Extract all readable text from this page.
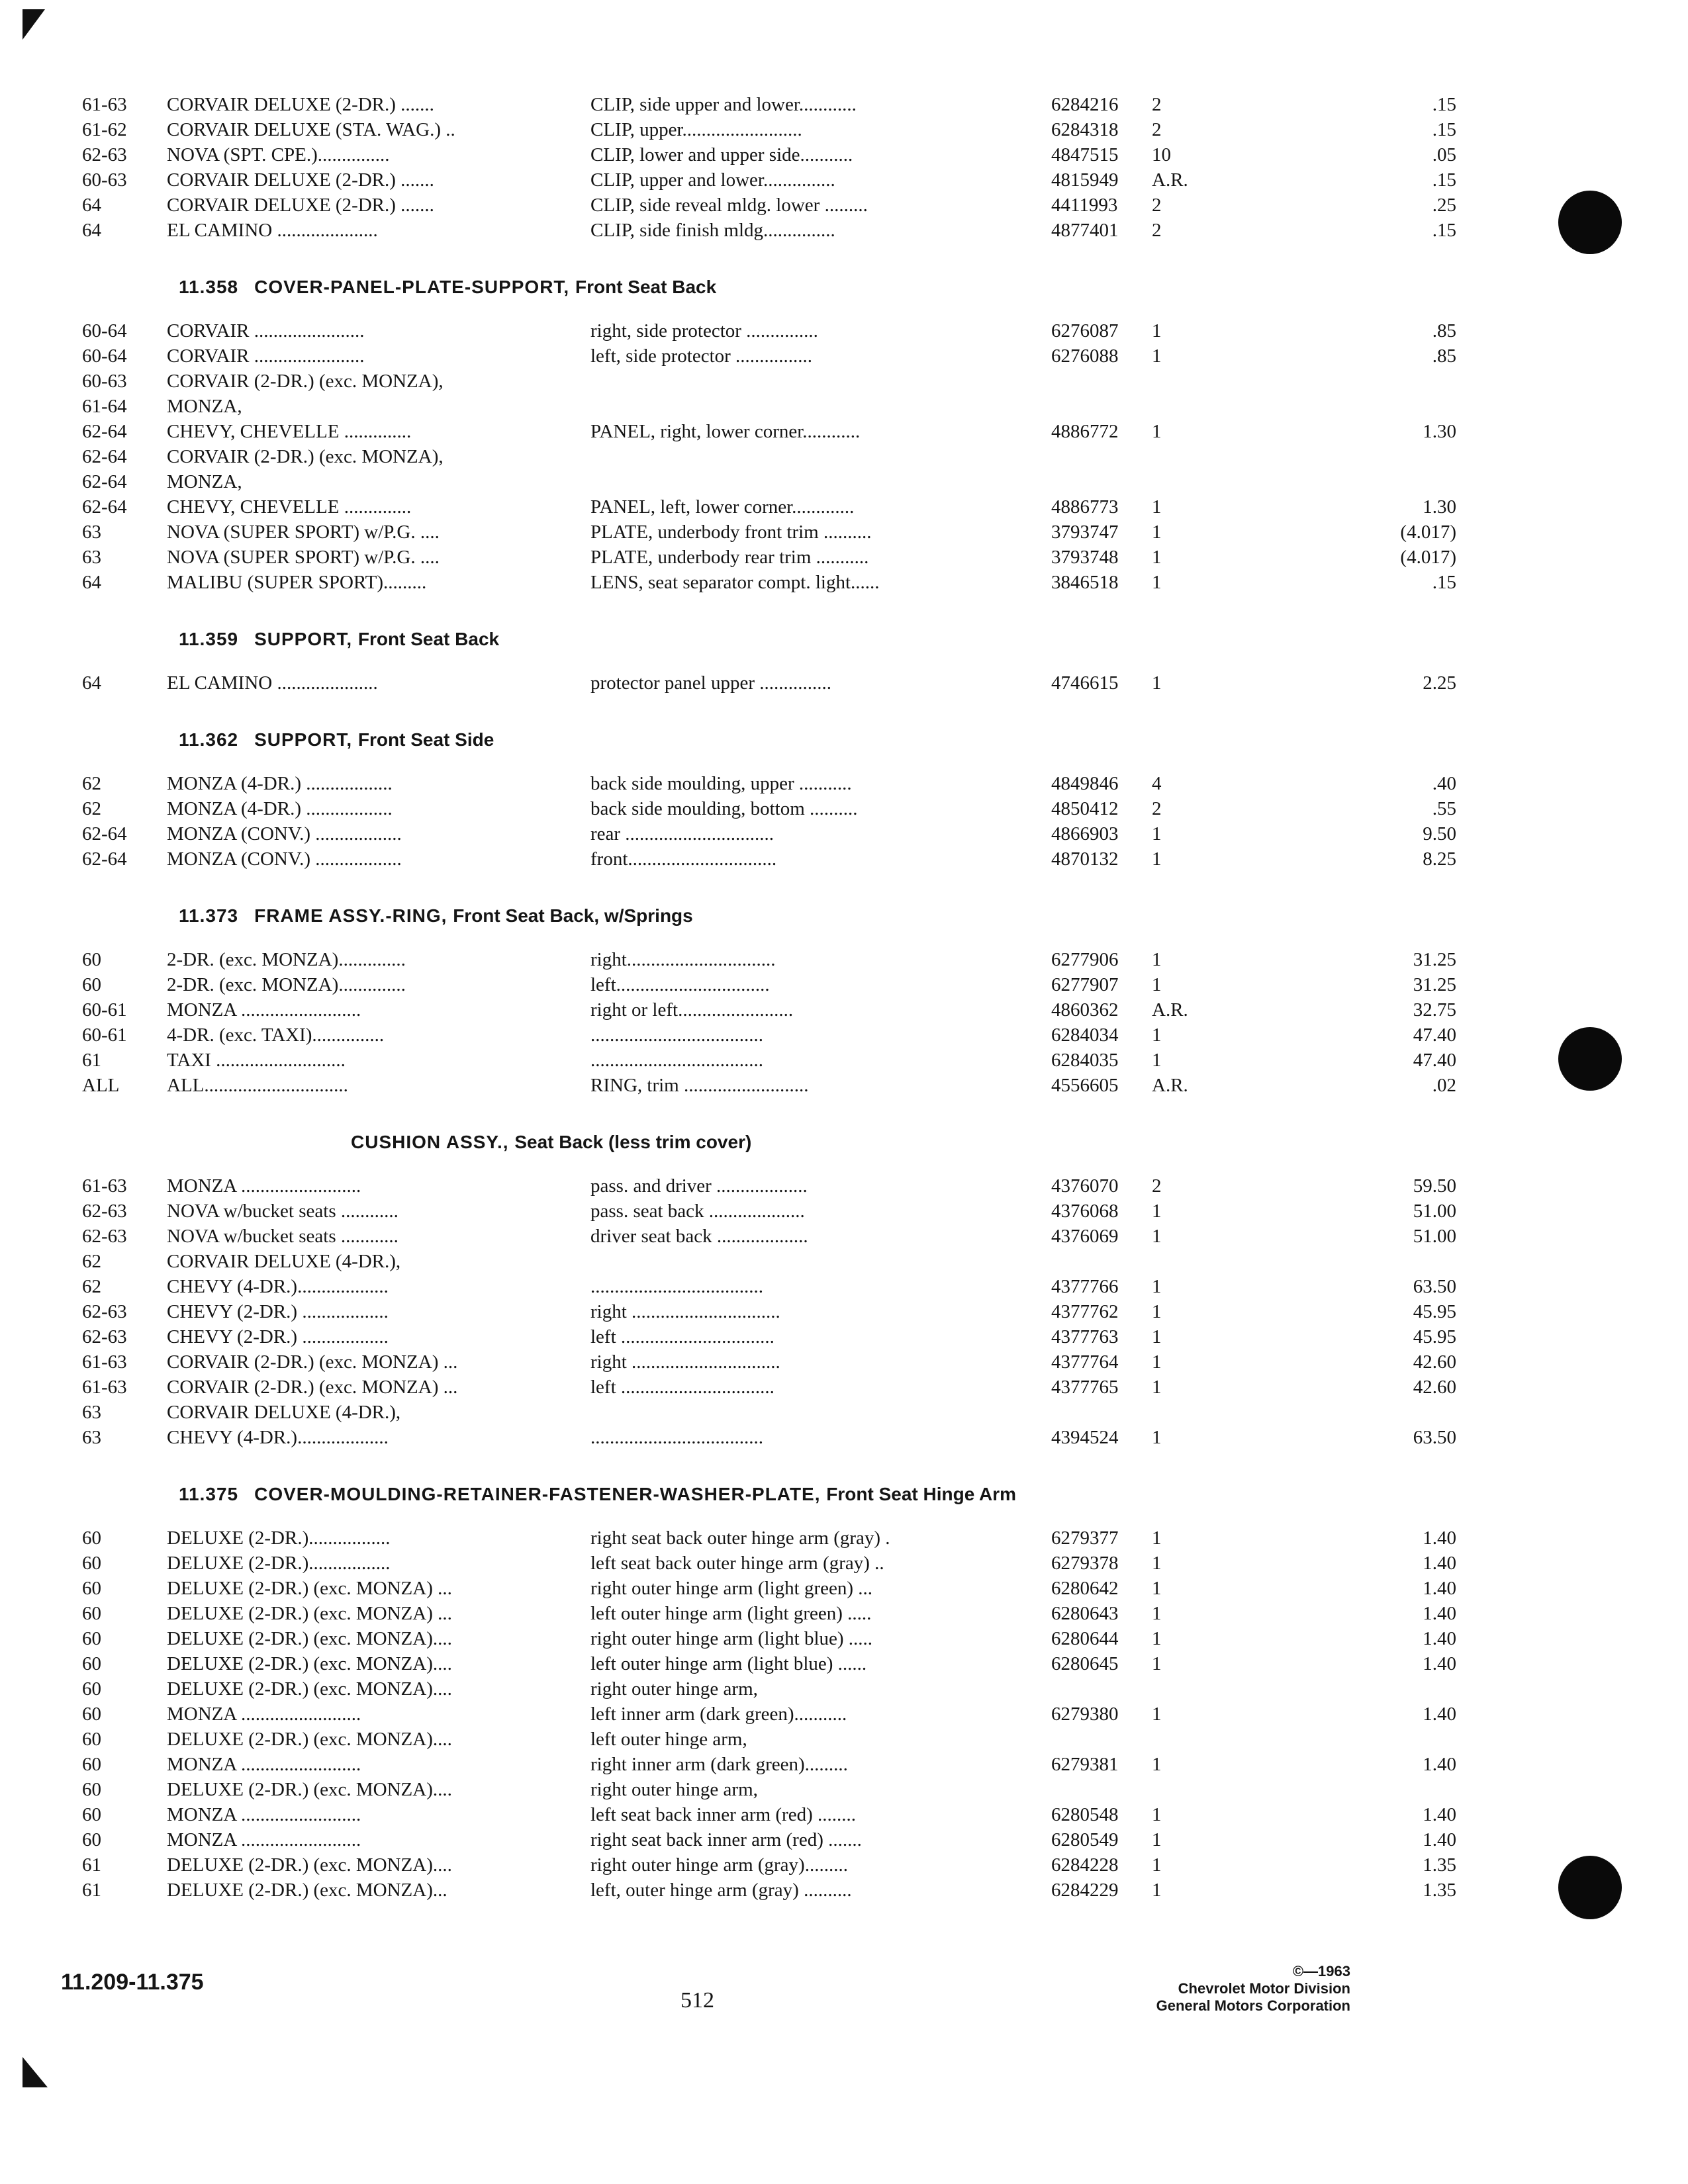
61-63 CORVAIR DELUXE (2-DR.) .......	CLIP, side upper and lower............	6284216 2	.15
61-62 CORVAIR DELUXE (STA. WAG.) ..	CLIP, upper.........................	6284318 2	.15
62-63 NOVA (SPT. CPE.)...............	CLIP, lower and upper side...........	4847515 10	.05
60-63 CORVAIR DELUXE (2-DR.) .......	CLIP, upper and lower...............	4815949 A.R.	.15
64	CORVAIR DELUXE (2-DR.) .......	CLIP, side reveal mldg. lower .........	4411993 2	.25
64	EL CAMINO .....................	CLIP, side finish mldg...............	4877401 2	.15
11.358 COVER-PANEL-PLATE-SUPPORT, Front Seat Back
60-64 CORVAIR .......................	right, side protector ...............	6276087 1	.85
60-64 CORVAIR .......................	left, side protector ................	6276088 1	.85
60-63 CORVAIR (2-DR.) (exc. MONZA),
61-64 MONZA,
62-64 CHEVY, CHEVELLE ..............	PANEL, right, lower corner............	4886772 1	1.30
62-64 CORVAIR (2-DR.) (exc. MONZA),
62-64 MONZA,
62-64 CHEVY, CHEVELLE ..............	PANEL, left, lower corner.............	4886773 1	1.30
63	NOVA (SUPER SPORT) w/P.G. ....	PLATE, underbody front trim ..........	3793747 1	(4.017)
63	NOVA (SUPER SPORT) w/P.G. ....	PLATE, underbody rear trim ...........	3793748 1	(4.017)
64	MALIBU (SUPER SPORT).........	LENS, seat separator compt. light......	3846518 1	.15
11.359 SUPPORT, Front Seat Back
64	EL CAMINO .....................	protector panel upper ...............	4746615 1	2.25
11.362 SUPPORT, Front Seat Side
62	MONZA (4-DR.) ..................	back side moulding, upper ...........	4849846 4	.40
62	MONZA (4-DR.) ..................	back side moulding, bottom ..........	4850412 2	.55
62-64 MONZA (CONV.) ..................	rear ...............................	4866903 1	9.50
62-64 MONZA (CONV.) ..................	front...............................	4870132 1	8.25
11.373 FRAME ASSY.-RING, Front Seat Back, w/Springs
60	2-DR. (exc. MONZA)..............	right...............................	6277906 1	31.25
60	2-DR. (exc. MONZA)..............	left................................	6277907 1	31.25
60-61 MONZA .........................	right or left........................	4860362 A.R.	32.75
60-61 4-DR. (exc. TAXI)...............	....................................	6284034 1	47.40
61	TAXI ...........................	....................................	6284035 1	47.40
ALL ALL..............................	RING, trim ..........................	4556605 A.R.	.02
CUSHION ASSY., Seat Back (less trim cover)
61-63 MONZA .........................	pass. and driver ...................	4376070 2	59.50
62-63 NOVA w/bucket seats ............	pass. seat back ....................	4376068 1	51.00
62-63 NOVA w/bucket seats ............	driver seat back ...................	4376069 1	51.00
62	CORVAIR DELUXE (4-DR.),
62	CHEVY (4-DR.)...................	....................................	4377766 1	63.50
62-63 CHEVY (2-DR.) ..................	right ...............................	4377762 1	45.95
62-63 CHEVY (2-DR.) ..................	left ................................	4377763 1	45.95
61-63 CORVAIR (2-DR.) (exc. MONZA) ...	right ...............................	4377764 1	42.60
61-63 CORVAIR (2-DR.) (exc. MONZA) ...	left ................................	4377765 1	42.60
63	CORVAIR DELUXE (4-DR.),
63	CHEVY (4-DR.)...................	....................................	4394524 1	63.50
11.375 COVER-MOULDING-RETAINER-FASTENER-WASHER-PLATE, Front Seat Hinge Arm
60	DELUXE (2-DR.).................	right seat back outer hinge arm (gray) .	6279377 1	1.40
60	DELUXE (2-DR.).................	left seat back outer hinge arm (gray) ..	6279378 1	1.40
60	DELUXE (2-DR.) (exc. MONZA) ...	right outer hinge arm (light green) ...	6280642 1	1.40
60	DELUXE (2-DR.) (exc. MONZA) ...	left outer hinge arm (light green) .....	6280643 1	1.40
60	DELUXE (2-DR.) (exc. MONZA)....	right outer hinge arm (light blue) .....	6280644 1	1.40
60	DELUXE (2-DR.) (exc. MONZA)....	left outer hinge arm (light blue) ......	6280645 1	1.40
60	DELUXE (2-DR.) (exc. MONZA)....	right outer hinge arm,
60	MONZA .........................	left inner arm (dark green)...........	6279380 1	1.40
60	DELUXE (2-DR.) (exc. MONZA)....	left outer hinge arm,
60	MONZA .........................	right inner arm (dark green).........	6279381 1	1.40
60	DELUXE (2-DR.) (exc. MONZA)....	right outer hinge arm,
60	MONZA .........................	left seat back inner arm (red) ........	6280548 1	1.40
60	MONZA .........................	right seat back inner arm (red) .......	6280549 1	1.40
61	DELUXE (2-DR.) (exc. MONZA)....	right outer hinge arm (gray).........	6284228 1	1.35
61	DELUXE (2-DR.) (exc. MONZA)...	left, outer hinge arm (gray) ..........	6284229 1	1.35
11.209-11.375
512
©—1963
Chevrolet Motor Division
General Motors Corporation
